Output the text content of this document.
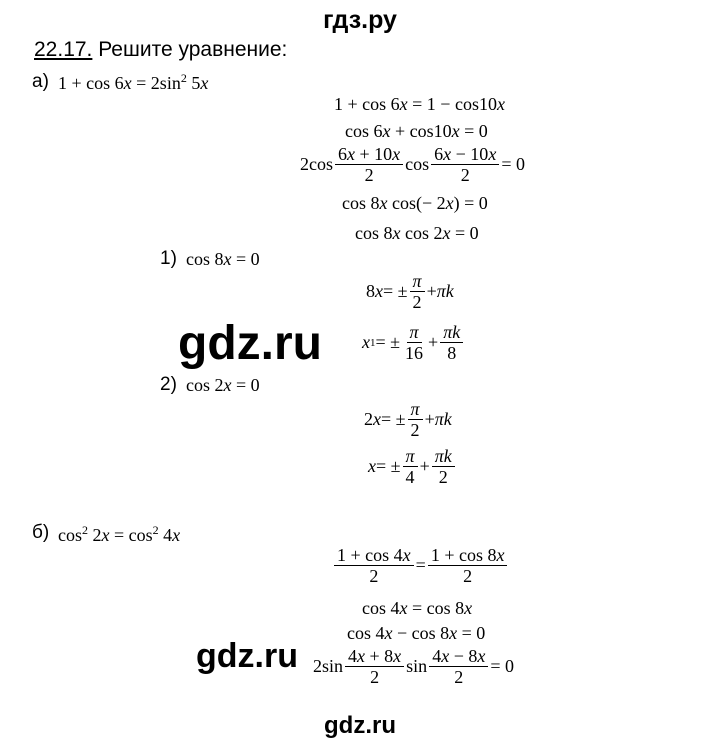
гдз.ру
22.17. Решите уравнение:
а) $1 + \cos 6x = 2\sin^2$ 5x
1 + cos 6x = 1 − cos10x
cos 6x + cos10x = 0
2cos 6x + 10x
2
cos 6x − 10x
2
= 0
cos 8x cos(− 2x) = 0
cos 8x cos 2x = 0
1) cos 8x = 0
8 x = ± π
2
+ πk
x 1 = ± π
16
+ πk
8
gdz.ru
2) cos 2x = 0
2 x = ± π
2
+ πk
x = ± π
4
+ πk
2
б) $\cos^2 2x = \cos^2 4x$
1 + cos 4x
2
= 1 + cos 8x
2
cos 4x = cos 8x
cos 4x − cos 8x = 0
gdz.ru 2sin 4x + 8x
2
sin 4x − 8x
2
= 0
gdz.ru
